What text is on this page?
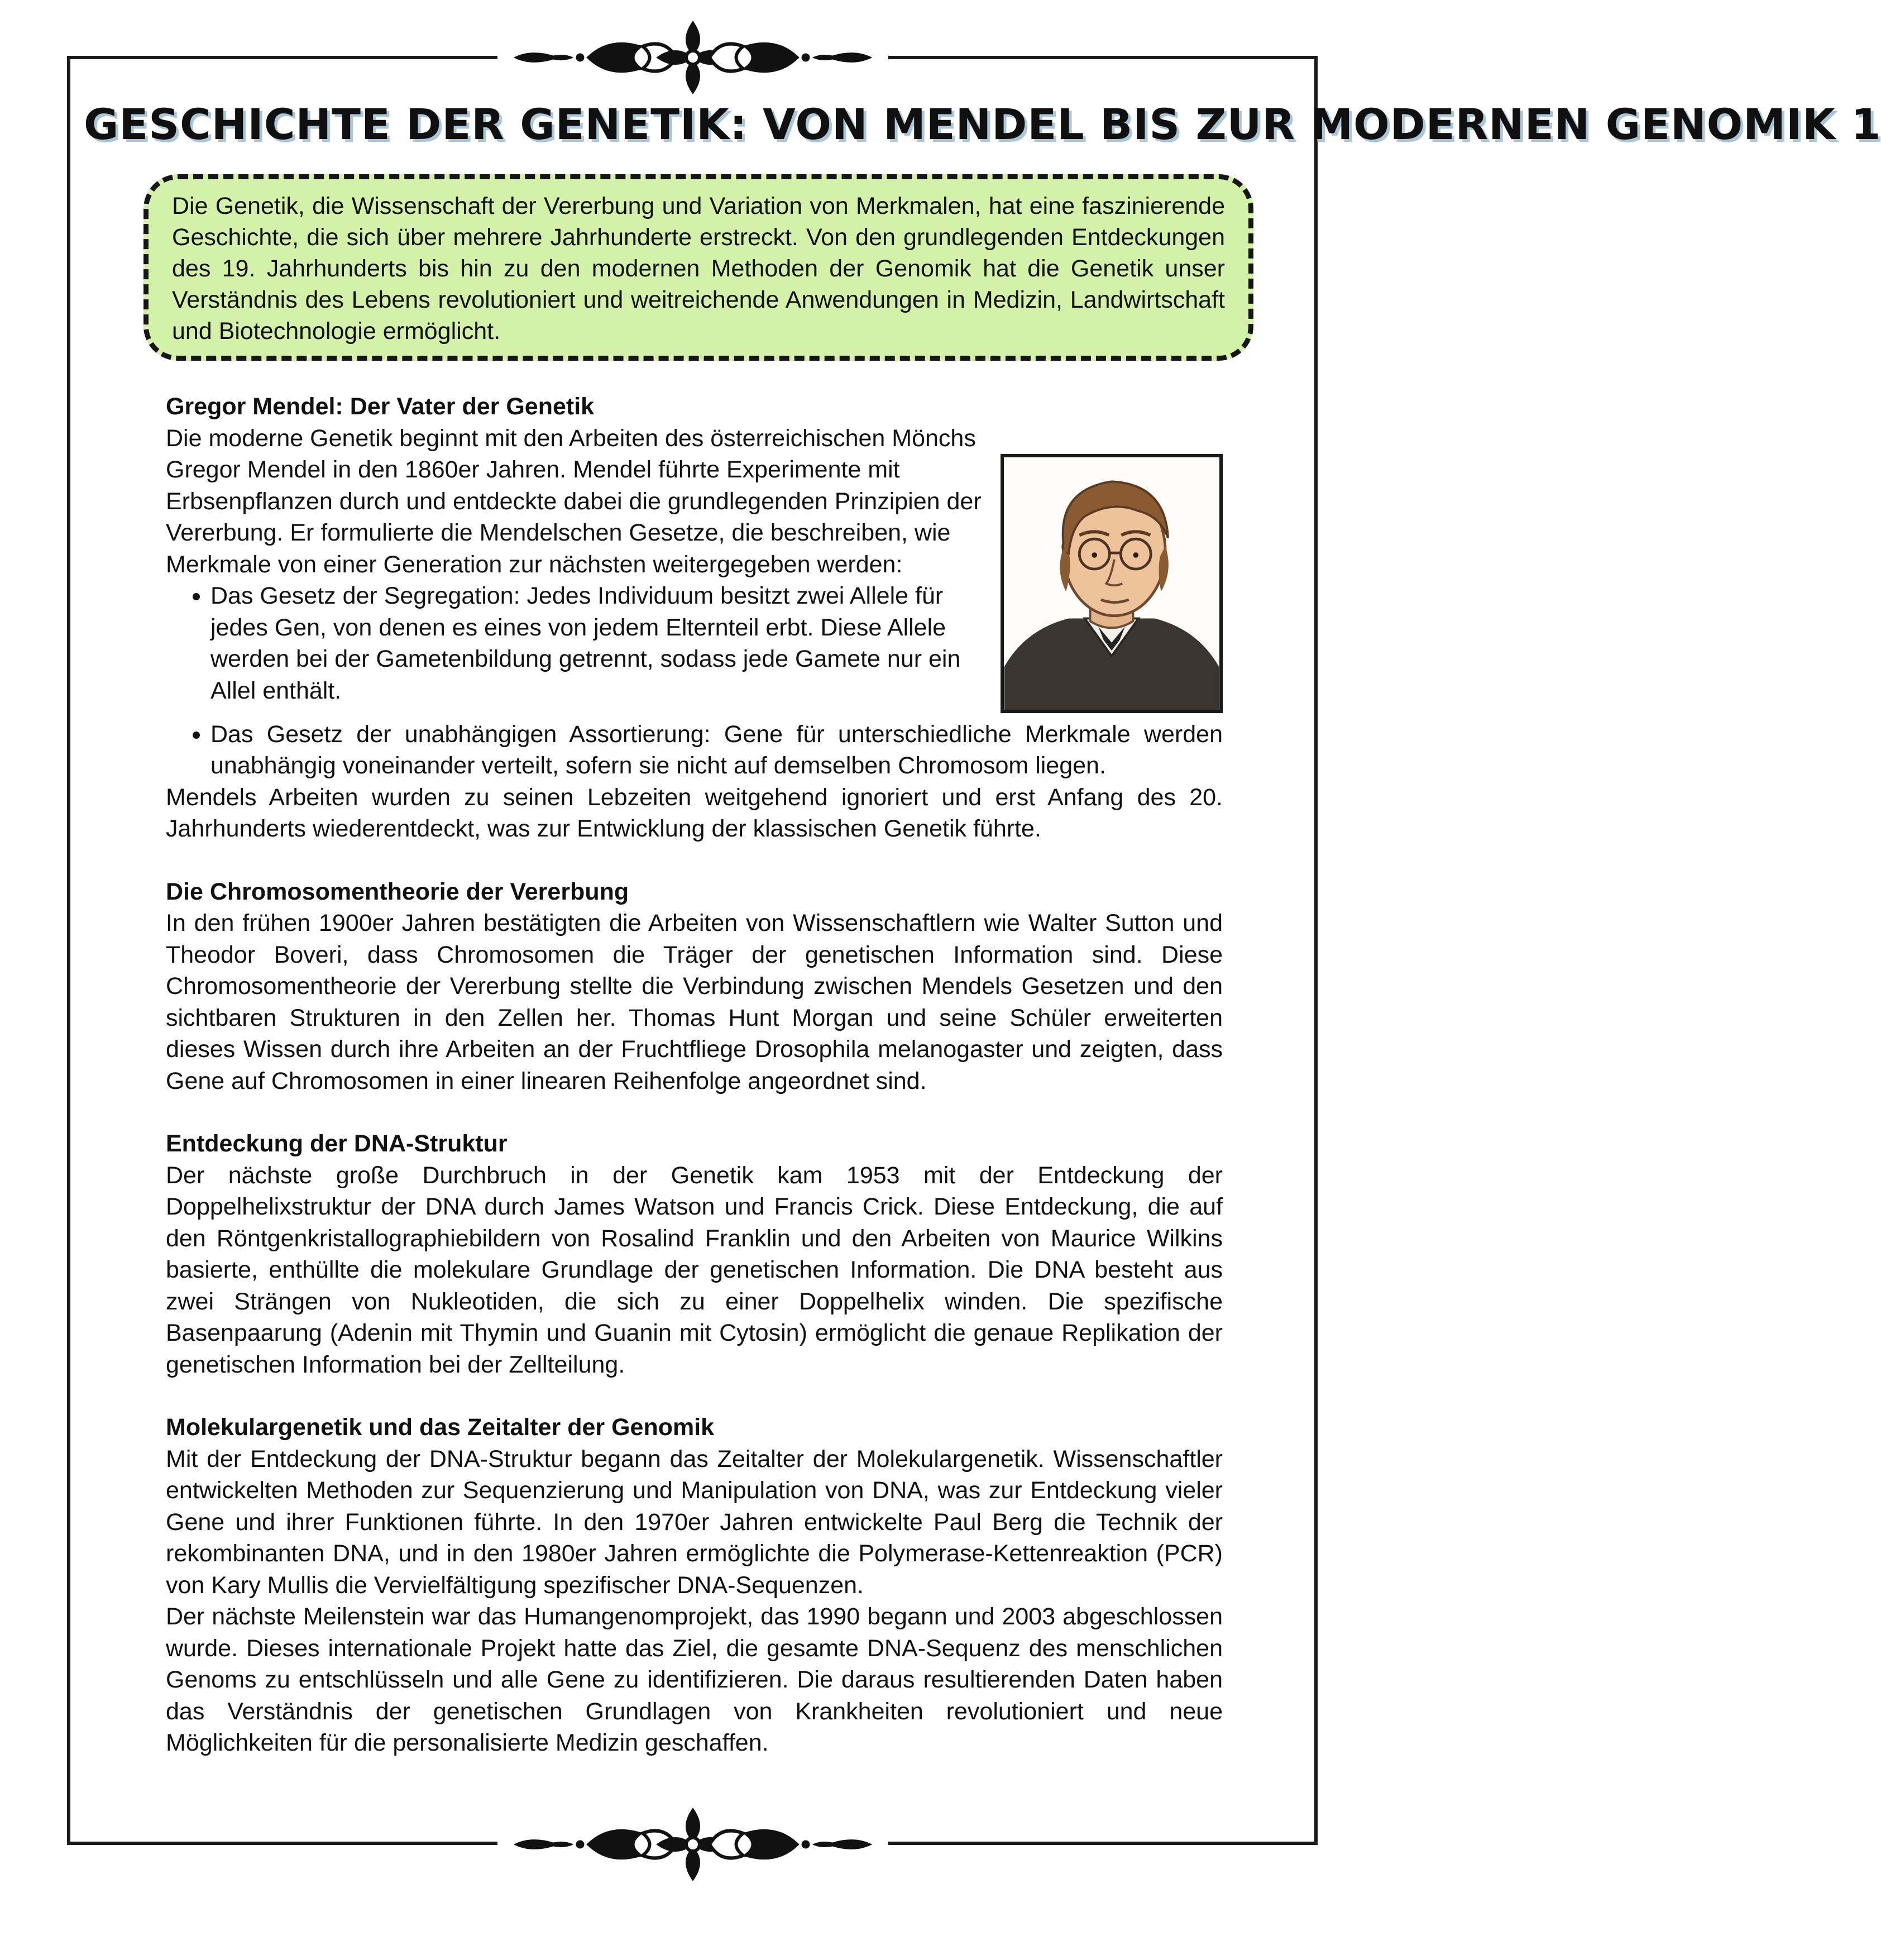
GESCHICHTE DER GENETIK: VON MENDEL BIS ZUR MODERNEN GENOMIK 1
Die Genetik, die Wissenschaft der Vererbung und Variation von Merkmalen, hat eine faszinierende Geschichte, die sich über mehrere Jahrhunderte erstreckt. Von den grundlegenden Entdeckungen des 19. Jahrhunderts bis hin zu den modernen Methoden der Genomik hat die Genetik unser Verständnis des Lebens revolutioniert und weitreichende Anwendungen in Medizin, Landwirtschaft und Biotechnologie ermöglicht.
Gregor Mendel: Der Vater der Genetik

Die moderne Genetik beginnt mit den Arbeiten des österreichischen Mönchs Gregor Mendel in den 1860er Jahren. Mendel führte Experimente mit Erbsenpflanzen durch und entdeckte dabei die grundlegenden Prinzipien der Vererbung. Er formulierte die Mendelschen Gesetze, die beschreiben, wie Merkmale von einer Generation zur nächsten weitergegeben werden:

• Das Gesetz der Segregation: Jedes Individuum besitzt zwei Allele für jedes Gen, von denen es eines von jedem Elternteil erbt. Diese Allele werden bei der Gametenbildung getrennt, sodass jede Gamete nur ein Allel enthält.
• Das Gesetz der unabhängigen Assortierung: Gene für unterschiedliche Merkmale werden unabhängig voneinander verteilt, sofern sie nicht auf demselben Chromosom liegen.

Mendels Arbeiten wurden zu seinen Lebzeiten weitgehend ignoriert und erst Anfang des 20. Jahrhunderts wiederentdeckt, was zur Entwicklung der klassischen Genetik führte.

Die Chromosomentheorie der Vererbung

In den frühen 1900er Jahren bestätigten die Arbeiten von Wissenschaftlern wie Walter Sutton und Theodor Boveri, dass Chromosomen die Träger der genetischen Information sind. Diese Chromosomentheorie der Vererbung stellte die Verbindung zwischen Mendels Gesetzen und den sichtbaren Strukturen in den Zellen her. Thomas Hunt Morgan und seine Schüler erweiterten dieses Wissen durch ihre Arbeiten an der Fruchtfliege Drosophila melanogaster und zeigten, dass Gene auf Chromosomen in einer linearen Reihenfolge angeordnet sind.

Entdeckung der DNA-Struktur

Der nächste große Durchbruch in der Genetik kam 1953 mit der Entdeckung der Doppelhelixstruktur der DNA durch James Watson und Francis Crick. Diese Entdeckung, die auf den Röntgenkristallographiebildern von Rosalind Franklin und den Arbeiten von Maurice Wilkins basierte, enthüllte die molekulare Grundlage der genetischen Information. Die DNA besteht aus zwei Strängen von Nukleotiden, die sich zu einer Doppelhelix winden. Die spezifische Basenpaarung (Adenin mit Thymin und Guanin mit Cytosin) ermöglicht die genaue Replikation der genetischen Information bei der Zellteilung.

Molekulargenetik und das Zeitalter der Genomik

Mit der Entdeckung der DNA-Struktur begann das Zeitalter der Molekulargenetik. Wissenschaftler entwickelten Methoden zur Sequenzierung und Manipulation von DNA, was zur Entdeckung vieler Gene und ihrer Funktionen führte. In den 1970er Jahren entwickelte Paul Berg die Technik der rekombinanten DNA, und in den 1980er Jahren ermöglichte die Polymerase-Kettenreaktion (PCR) von Kary Mullis die Vervielfältigung spezifischer DNA-Sequenzen.

Der nächste Meilenstein war das Humangenomprojekt, das 1990 begann und 2003 abgeschlossen wurde. Dieses internationale Projekt hatte das Ziel, die gesamte DNA-Sequenz des menschlichen Genoms zu entschlüsseln und alle Gene zu identifizieren. Die daraus resultierenden Daten haben das Verständnis der genetischen Grundlagen von Krankheiten revolutioniert und neue Möglichkeiten für die personalisierte Medizin geschaffen.
